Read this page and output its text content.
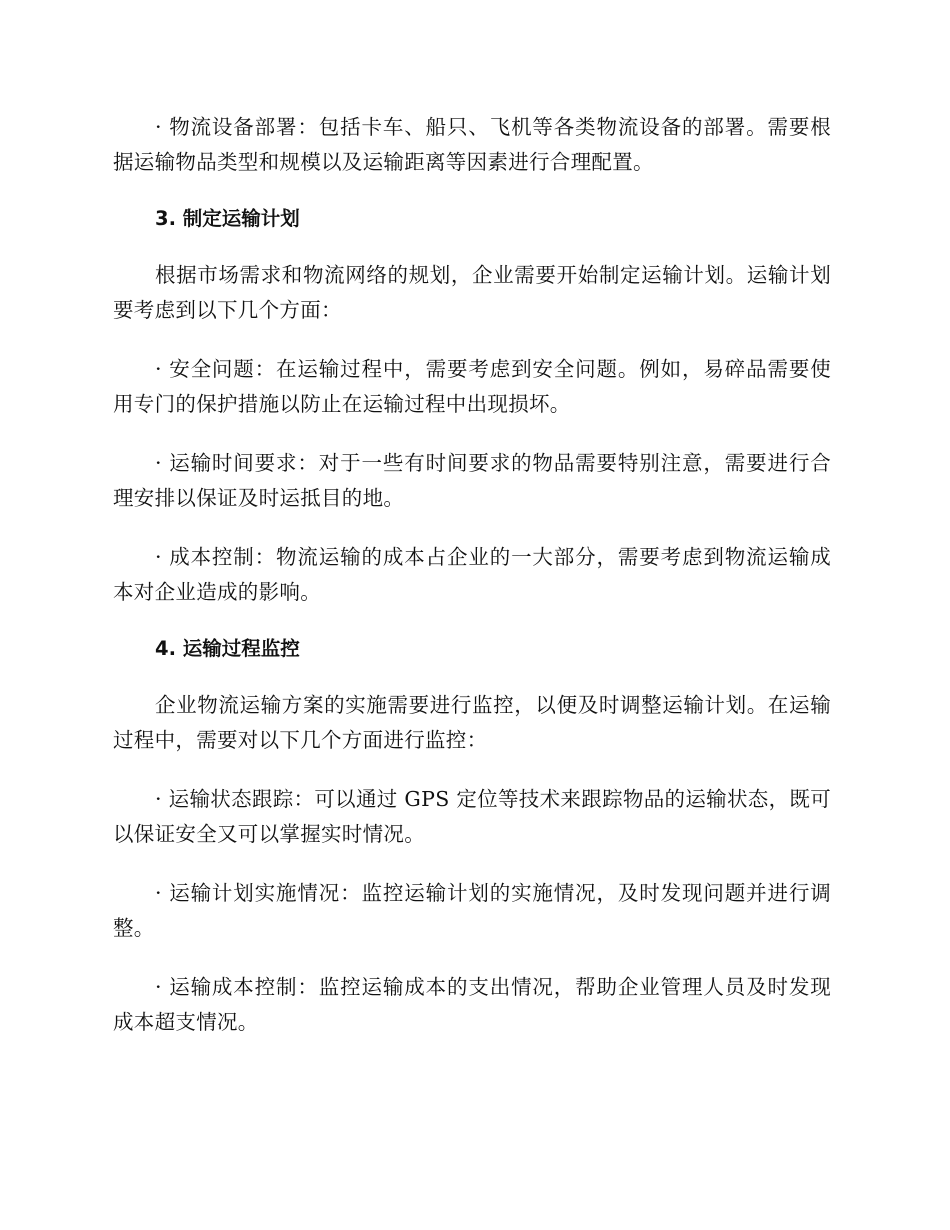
· 物流设备部署：包括卡车、船只、飞机等各类物流设备的部署。需要根据运输物品类型和规模以及运输距离等因素进行合理配置。

3. 制定运输计划

根据市场需求和物流网络的规划，企业需要开始制定运输计划。运输计划要考虑到以下几个方面：

· 安全问题：在运输过程中，需要考虑到安全问题。例如，易碎品需要使用专门的保护措施以防止在运输过程中出现损坏。

· 运输时间要求：对于一些有时间要求的物品需要特别注意，需要进行合理安排以保证及时运抵目的地。

· 成本控制：物流运输的成本占企业的一大部分，需要考虑到物流运输成本对企业造成的影响。

4. 运输过程监控

企业物流运输方案的实施需要进行监控，以便及时调整运输计划。在运输过程中，需要对以下几个方面进行监控：

· 运输状态跟踪：可以通过 GPS 定位等技术来跟踪物品的运输状态，既可以保证安全又可以掌握实时情况。

· 运输计划实施情况：监控运输计划的实施情况，及时发现问题并进行调整。

· 运输成本控制：监控运输成本的支出情况，帮助企业管理人员及时发现成本超支情况。
